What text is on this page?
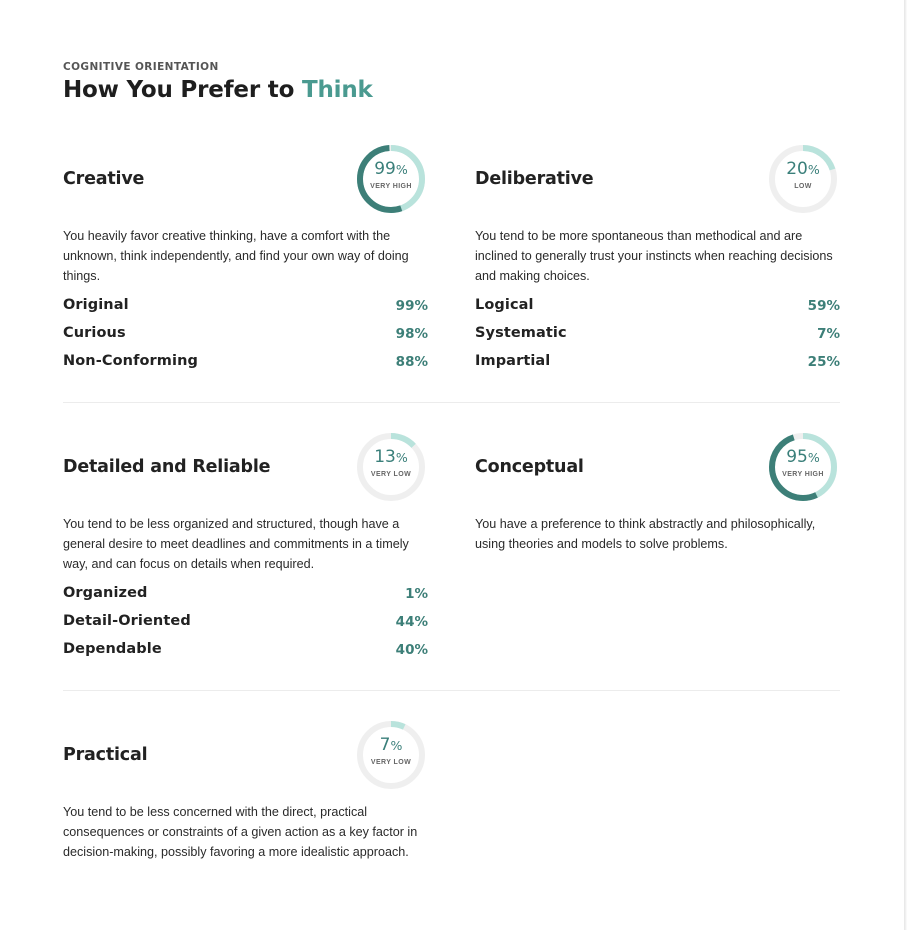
COGNITIVE ORIENTATION
How You Prefer to Think
Creative	99%
VERY HIGH

You heavily favor creative thinking, have a comfort with the unknown, think independently, and find your own way of doing things.

Original	99%
Curious	98%
Non-Conforming	88%
Deliberative	20%
LOW

You tend to be more spontaneous than methodical and are inclined to generally trust your instincts when reaching decisions and making choices.

Logical	59%
Systematic	7%
Impartial	25%
Detailed and Reliable	13%
VERY LOW

You tend to be less organized and structured, though have a general desire to meet deadlines and commitments in a timely way, and can focus on details when required.

Organized	1%
Detail-Oriented	44%
Dependable	40%
Conceptual	95%
VERY HIGH

You have a preference to think abstractly and philosophically, using theories and models to solve problems.

Practical	7%
VERY LOW

You tend to be less concerned with the direct, practical consequences or constraints of a given action as a key factor in decision-making, possibly favoring a more idealistic approach.
